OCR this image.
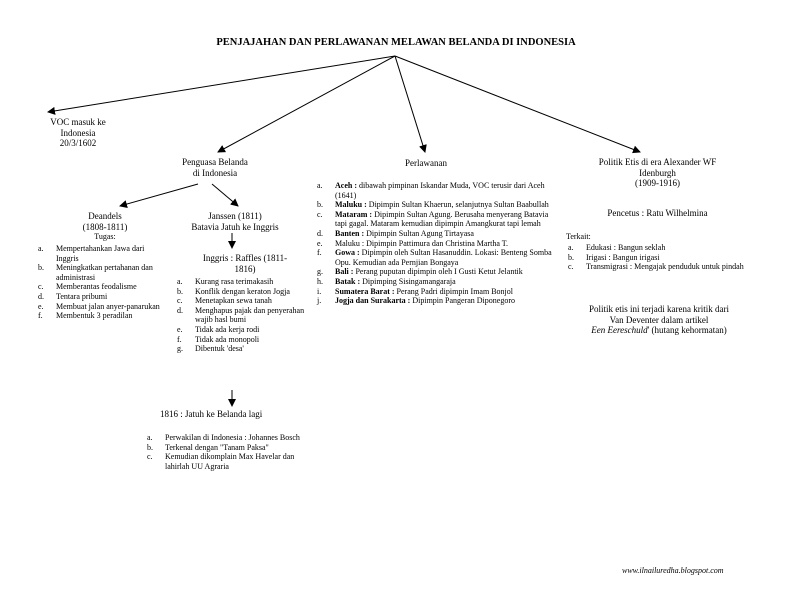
PENJAJAHAN DAN PERLAWANAN MELAWAN BELANDA DI INDONESIA
VOC masuk ke
Indonesia
20/3/1602
Penguasa Belanda
di Indonesia
Deandels
(1808-1811)
Tugas:
a. Mempertahankan Jawa dari Inggris
b. Meningkatkan pertahanan dan administrasi
c. Memberantas feodalisme
d. Tentara pribumi
e. Membuat jalan anyer-panarukan
f. Membentuk 3 peradilan
Janssen (1811)
Batavia Jatuh ke Inggris
Inggris : Raffles (1811-
1816)
a. Kurang rasa terimakasih
b. Konflik dengan keraton Jogja
c. Menetapkan sewa tanah
d. Menghapus pajak dan penyerahan wajib hasl bumi
e. Tidak ada kerja rodi
f. Tidak ada monopoli
g. Dibentuk 'desa'
1816 : Jatuh ke Belanda lagi
a. Perwakilan di Indonesia : Johannes Bosch
b. Terkenal dengan "Tanam Paksa"
c. Kemudian dikomplain Max Havelar dan lahirlah UU Agraria
Perlawanan
a. Aceh : dibawah pimpinan Iskandar Muda, VOC terusir dari Aceh (1641)
b. Maluku : Dipimpin Sultan Khaerun, selanjutnya Sultan Baabullah
c. Mataram : Dipimpin Sultan Agung. Berusaha menyerang Batavia tapi gagal. Mataram kemudian dipimpin Amangkurat tapi lemah
d. Banten : Dipimpin Sultan Agung Tirtayasa
e. Maluku : Dipimpin Pattimura dan Christina Martha T.
f. Gowa : Dipimpin oleh Sultan Hasanuddin. Lokasi: Benteng Somba Opu. Kemudian ada Pernjian Bongaya
g. Bali : Perang puputan dipimpin oleh I Gusti Ketut Jelantik
h. Batak : Dipimping Sisingamangaraja
i. Sumatera Barat : Perang Padri dipimpin Imam Bonjol
j. Jogja dan Surakarta : Dipimpin Pangeran Diponegoro
Politik Etis di era Alexander WF
Idenburgh
(1909-1916)
Pencetus : Ratu Wilhelmina
Terkait:
a. Edukasi : Bangun seklah
b. Irigasi : Bangun irigasi
c. Transmigrasi : Mengajak penduduk untuk pindah
Politik etis ini terjadi karena kritik dari
Van Deventer dalam artikel
Een Eereschuld' (hutang kehormatan)
www.ilnailuredha.blogspot.com
